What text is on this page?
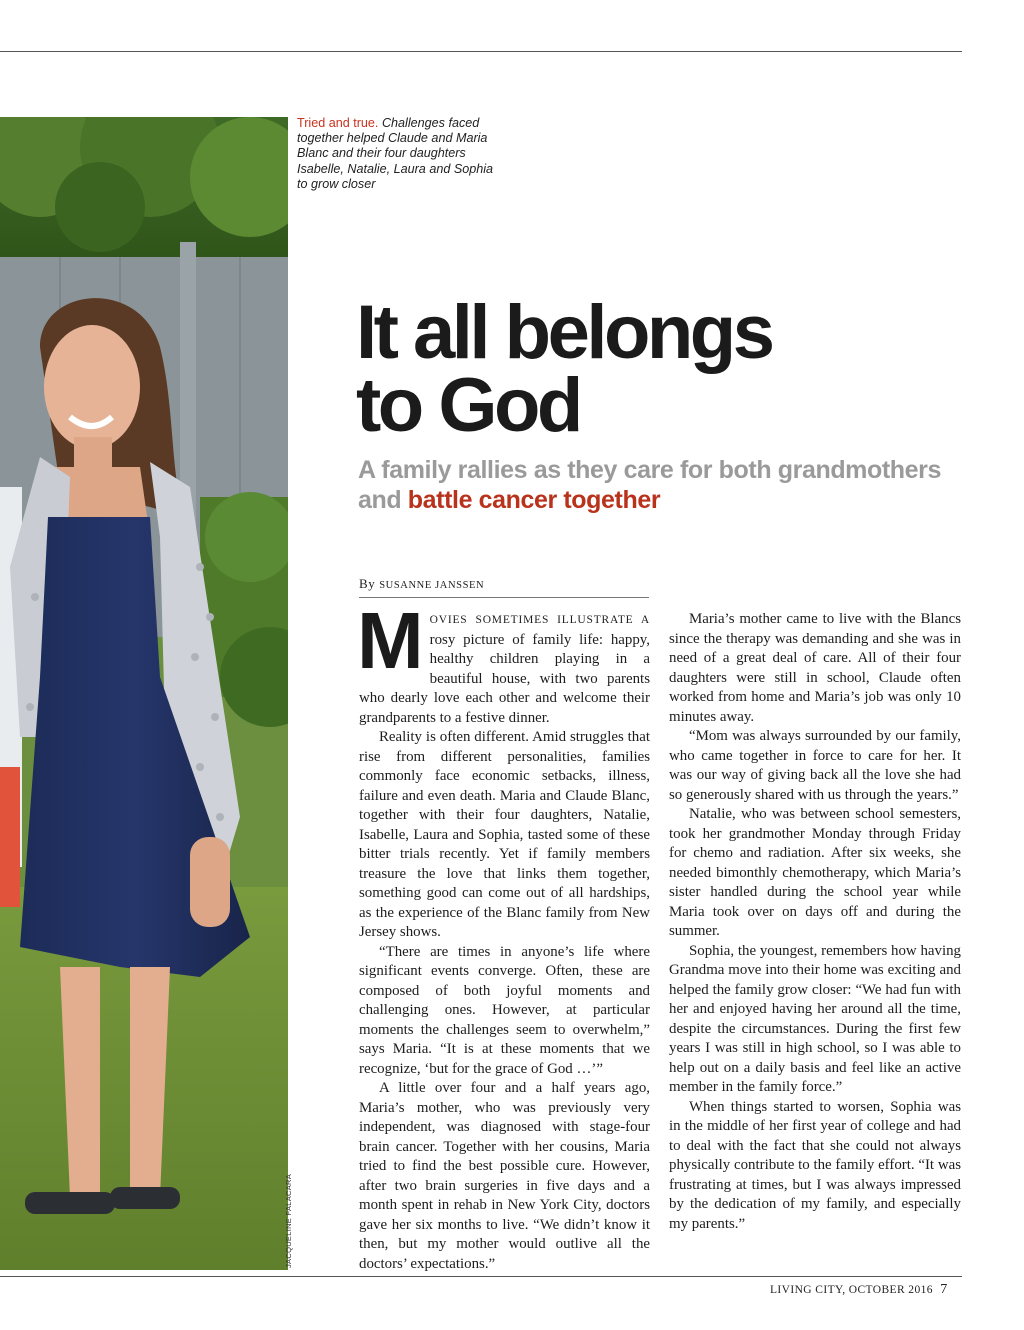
JACQUELINE FALACARA
Tried and true. Challenges faced together helped Claude and Maria Blanc and their four daughters Isabelle, Natalie, Laura and Sophia to grow closer
It all belongs
to God
A family rallies as they care for both grandmothers and battle cancer together
By SUSANNE JANSSEN

MOVIES SOMETIMES ILLUSTRATE A rosy picture of family life: happy, healthy children playing in a beautiful house, with two parents who dearly love each other and welcome their grandparents to a festive dinner.

Reality is often different. Amid struggles that rise from different personalities, families commonly face economic setbacks, illness, failure and even death. Maria and Claude Blanc, together with their four daughters, Natalie, Isabelle, Laura and Sophia, tasted some of these bitter trials recently. Yet if family members treasure the love that links them together, something good can come out of all hardships, as the experience of the Blanc family from New Jersey shows.

“There are times in anyone’s life where significant events converge. Often, these are composed of both joyful moments and challenging ones. However, at particular moments the challenges seem to overwhelm,” says Maria. “It is at these moments that we recognize, ‘but for the grace of God …’”

A little over four and a half years ago, Maria’s mother, who was previously very independent, was diagnosed with stage-four brain cancer. Together with her cousins, Maria tried to find the best possible cure. However, after two brain surgeries in five days and a month spent in rehab in New York City, doctors gave her six months to live. “We didn’t know it then, but my mother would outlive all the doctors’ expectations.”

Maria’s mother came to live with the Blancs since the therapy was demanding and she was in need of a great deal of care. All of their four daughters were still in school, Claude often worked from home and Maria’s job was only 10 minutes away.

“Mom was always surrounded by our family, who came together in force to care for her. It was our way of giving back all the love she had so generously shared with us through the years.”

Natalie, who was between school semesters, took her grandmother Monday through Friday for chemo and radiation. After six weeks, she needed bimonthly chemotherapy, which Maria’s sister handled during the school year while Maria took over on days off and during the summer.

Sophia, the youngest, remembers how having Grandma move into their home was exciting and helped the family grow closer: “We had fun with her and enjoyed having her around all the time, despite the circumstances. During the first few years I was still in high school, so I was able to help out on a daily basis and feel like an active member in the family force.”

When things started to worsen, Sophia was in the middle of her first year of college and had to deal with the fact that she could not always physically contribute to the family effort. “It was frustrating at times, but I was always impressed by the dedication of my family, and especially my parents.”

LIVING CITY, OCTOBER 2016 7
